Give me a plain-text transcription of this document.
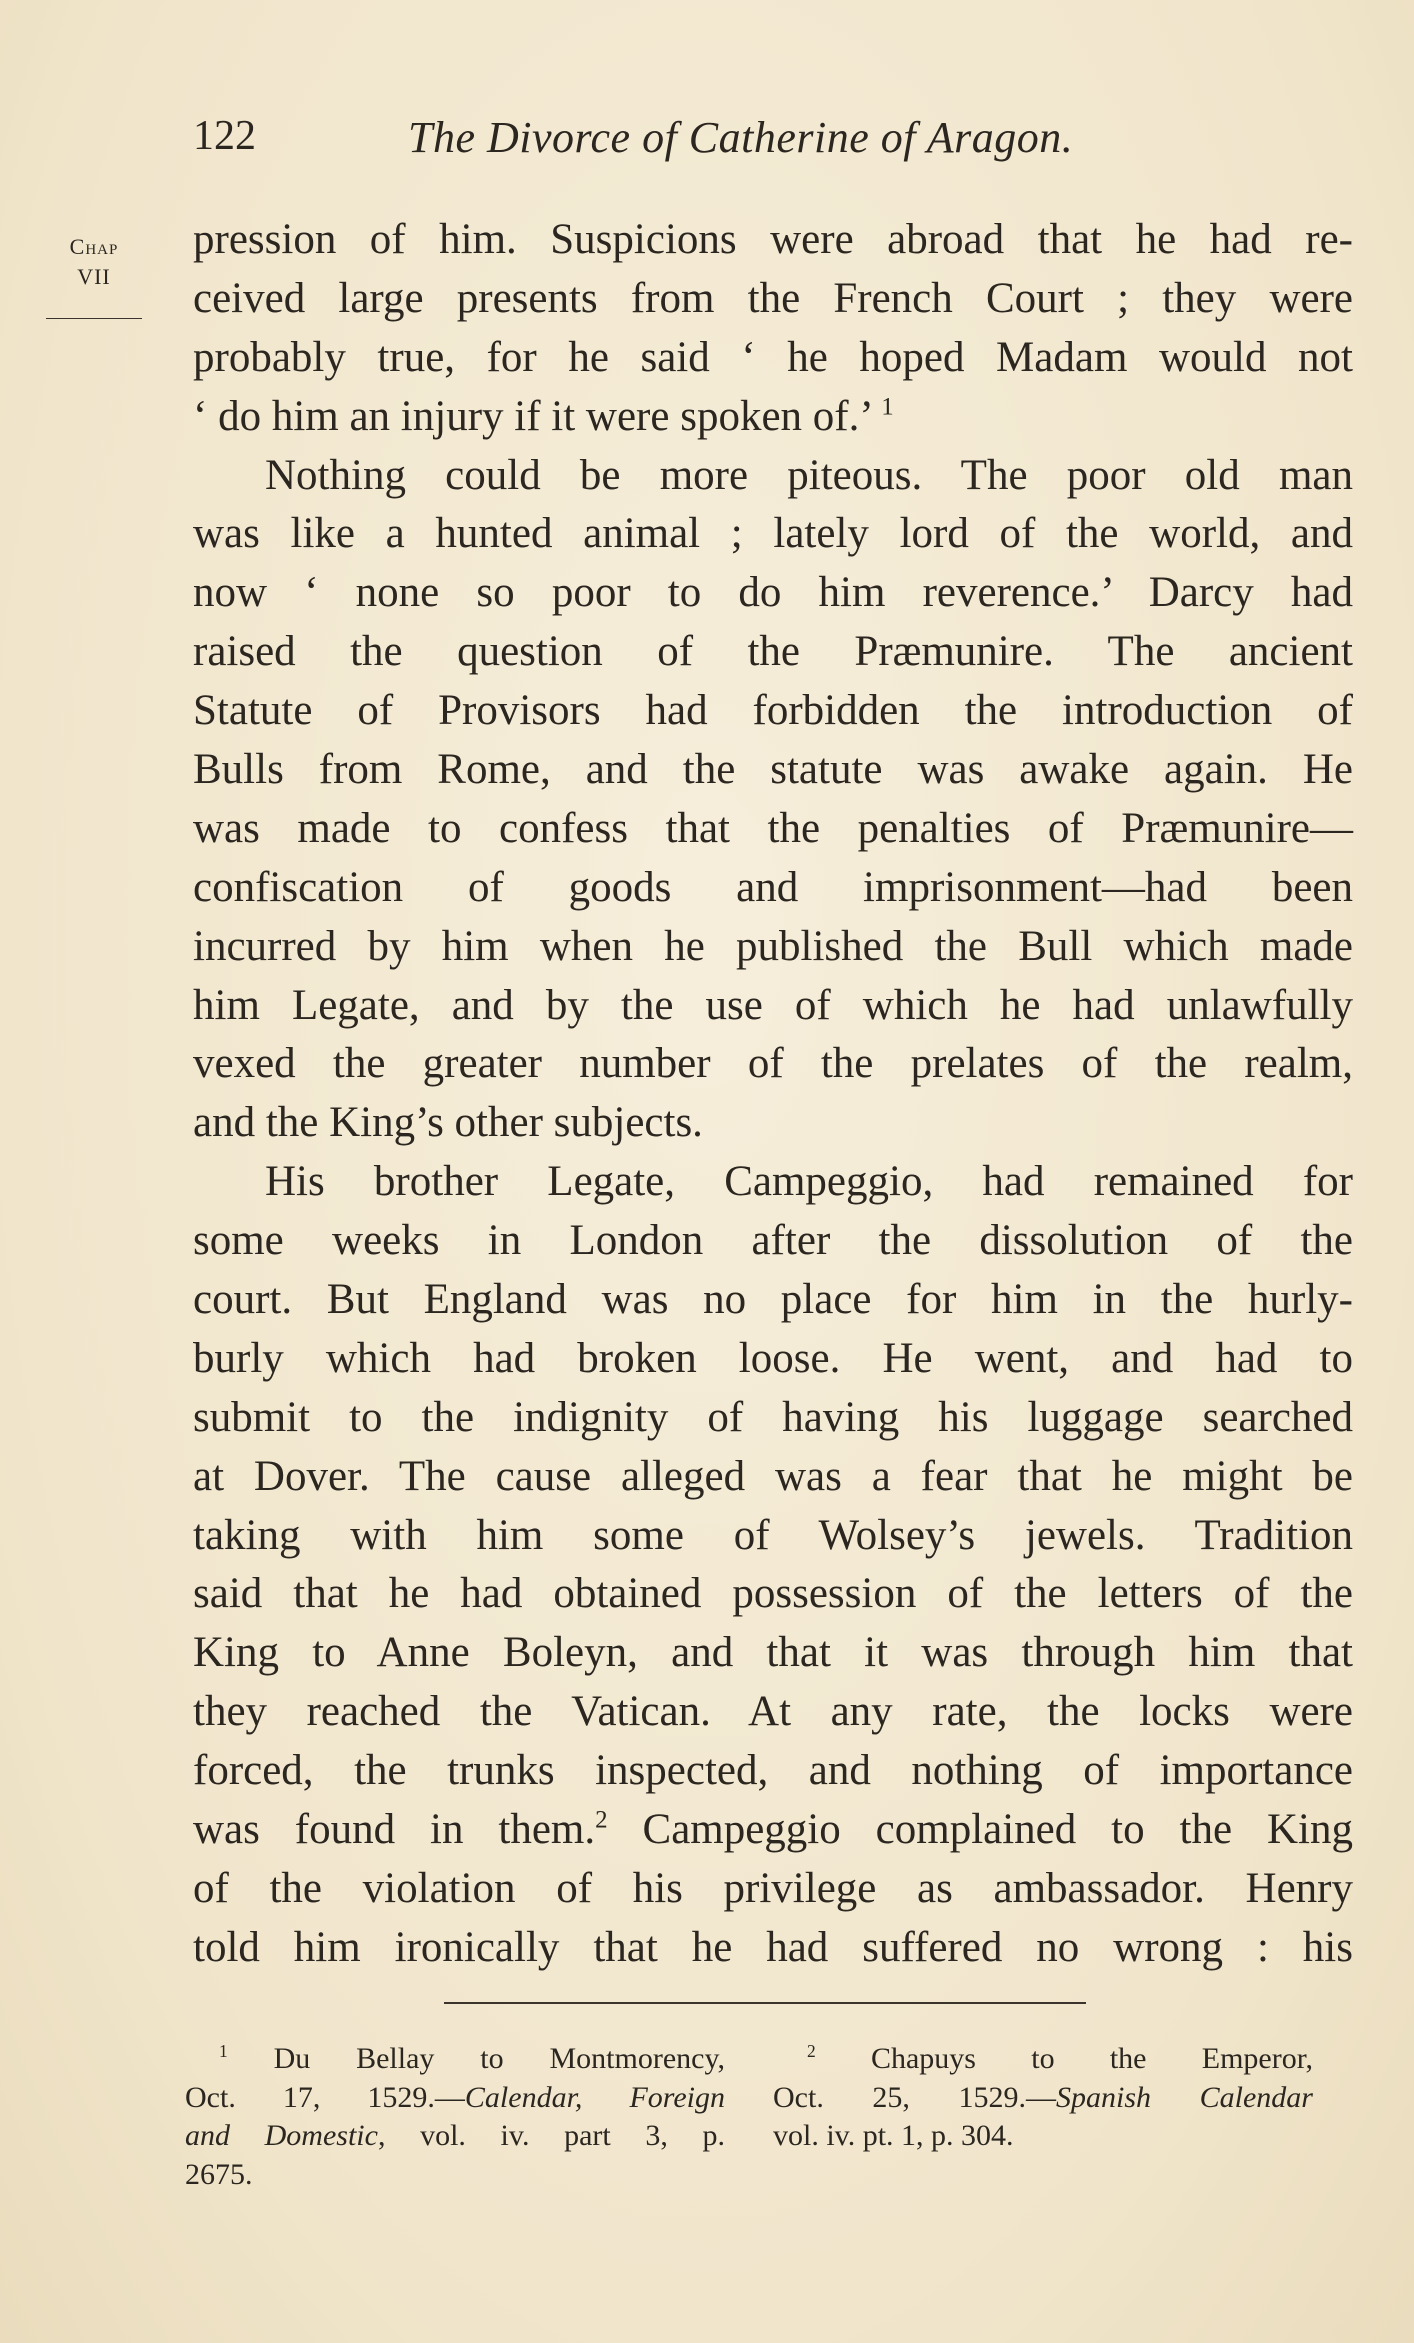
122	The Divorce of Catherine of Aragon.
Chap
VII
pression of him. Suspicions were abroad that he had re-
ceived large presents from the French Court ; they were
probably true, for he said ‘ he hoped Madam would not
‘ do him an injury if it were spoken of.’ $^1$
Nothing could be more piteous. The poor old man
was like a hunted animal ; lately lord of the world, and
now ‘ none so poor to do him reverence.’ Darcy had
raised the question of the Præmunire. The ancient
Statute of Provisors had forbidden the introduction of
Bulls from Rome, and the statute was awake again. He
was made to confess that the penalties of Præmunire—
confiscation of goods and imprisonment—had been
incurred by him when he published the Bull which made
him Legate, and by the use of which he had unlawfully
vexed the greater number of the prelates of the realm,
and the King’s other subjects.
His brother Legate, Campeggio, had remained for
some weeks in London after the dissolution of the
court. But England was no place for him in the hurly-
burly which had broken loose. He went, and had to
submit to the indignity of having his luggage searched
at Dover. The cause alleged was a fear that he might be
taking with him some of Wolsey’s jewels. Tradition
said that he had obtained possession of the letters of the
King to Anne Boleyn, and that it was through him that
they reached the Vatican. At any rate, the locks were
forced, the trunks inspected, and nothing of importance
was found in them.$^2$ Campeggio complained to the King
of the violation of his privilege as ambassador. Henry
told him ironically that he had suffered no wrong : his
$^1$ Du Bellay to Montmorency,
Oct. 17, 1529.—Calendar, Foreign
and Domestic, vol. iv. part 3, p.
2675.
$^2$ Chapuys to the Emperor,
Oct. 25, 1529.—Spanish Calendar
vol. iv. pt. 1, p. 304.
